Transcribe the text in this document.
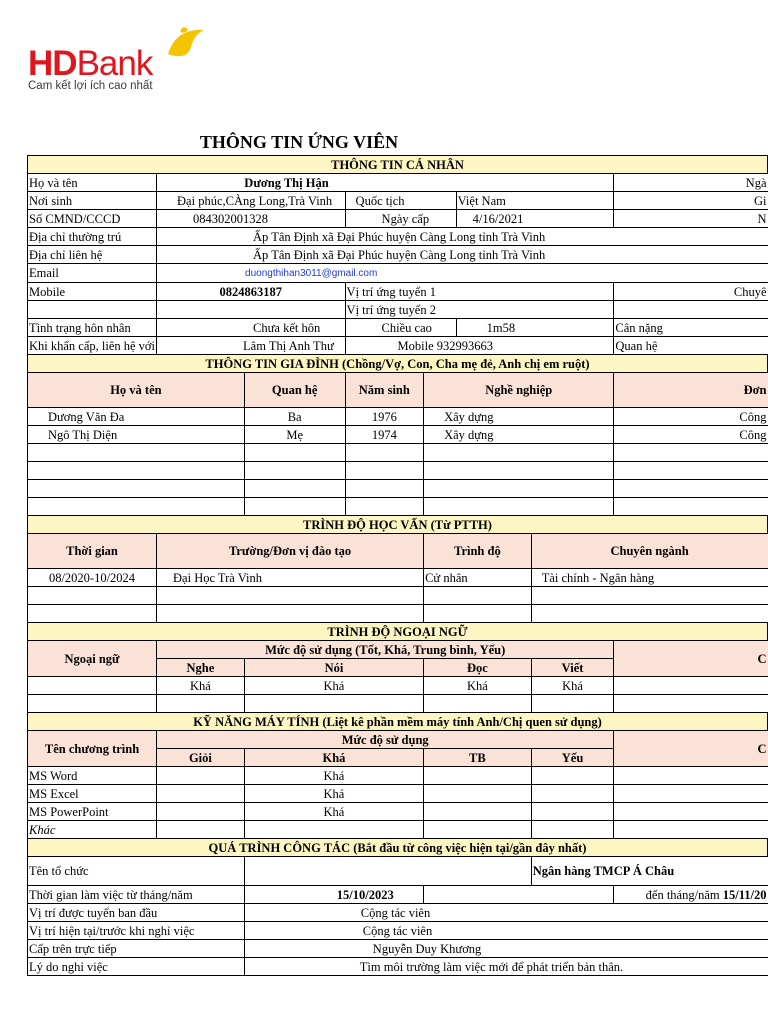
HDBank
Cam kết lợi ích cao nhất
THÔNG TIN ỨNG VIÊN
THÔNG TIN CÁ NHÂN							
Họ và tên		Dương Thị Hận					Ngà
Nơi sinh	Đại phúc,CÀng Long,Trà Vinh		Quốc tịch		Việt Nam		Gi
Số CMND/CCCD	084302001328		Ngày cấp		4/16/2021		N
Địa chỉ thường trú	Ấp Tân Định xã Đại Phúc huyện Càng Long tỉnh Trà Vinh						
Địa chỉ liên hệ	Ấp Tân Định xã Đại Phúc huyện Càng Long tỉnh Trà Vinh						
Email	duongthihan3011@gmail.com						
Mobile	0824863187		Vị trí ứng tuyển 1				Chuyê
			Vị trí ứng tuyển 2				
Tình trạng hôn nhân	Chưa kết hôn		Chiều cao		1m58		Cân nặng
Khi khẩn cấp, liên hệ với	Lâm Thị Anh Thư		Mobile 932993663				Quan hệ
THÔNG TIN GIA ĐÌNH (Chồng/Vợ, Con, Cha mẹ đẻ, Anh chị em ruột)							
Họ và tên		Quan hệ	Năm sinh	Nghề nghiệp			Đơn
Dương Văn Đa		Ba	1976	Xây dựng			Công
Ngô Thị Diện		Mẹ	1974	Xây dựng			Công

TRÌNH ĐỘ HỌC VẤN (Từ PTTH)							
Thời gian	Trường/Đơn vị đào tạo			Trình độ		Chuyên ngành	
08/2020-10/2024	Đại Học Trà Vinh			Cử nhân		Tài chính - Ngân hàng	

TRÌNH ĐỘ NGOẠI NGỮ							
Ngoại ngữ	Mức độ sử dụng (Tốt, Khá, Trung bình, Yếu)						C
	Nghe	Nói		Đọc		Viết	
	Khá	Khá		Khá		Khá	

KỸ NĂNG MÁY TÍNH (Liệt kê phần mềm máy tính Anh/Chị quen sử dụng)							
Tên chương trình	Mức độ sử dụng						C
	Giỏi	Khá		TB		Yếu	
MS Word		Khá					
MS Excel		Khá					
MS PowerPoint		Khá					
Khác							
QUÁ TRÌNH CÔNG TÁC (Bắt đầu từ công việc hiện tại/gần đây nhất)							
Tên tổ chức						Ngân hàng TMCP Á Châu	
Thời gian làm việc từ tháng/năm		15/10/2023					đến tháng/năm 15/11/20
Vị trí được tuyển ban đầu		Cộng tác viên					
Vị trí hiện tại/trước khi nghỉ việc		Cộng tác viên					
Cấp trên trực tiếp		Nguyễn Duy Khương					
Lý do nghỉ việc		Tìm môi trường làm việc mới để phát triển bản thân.					
